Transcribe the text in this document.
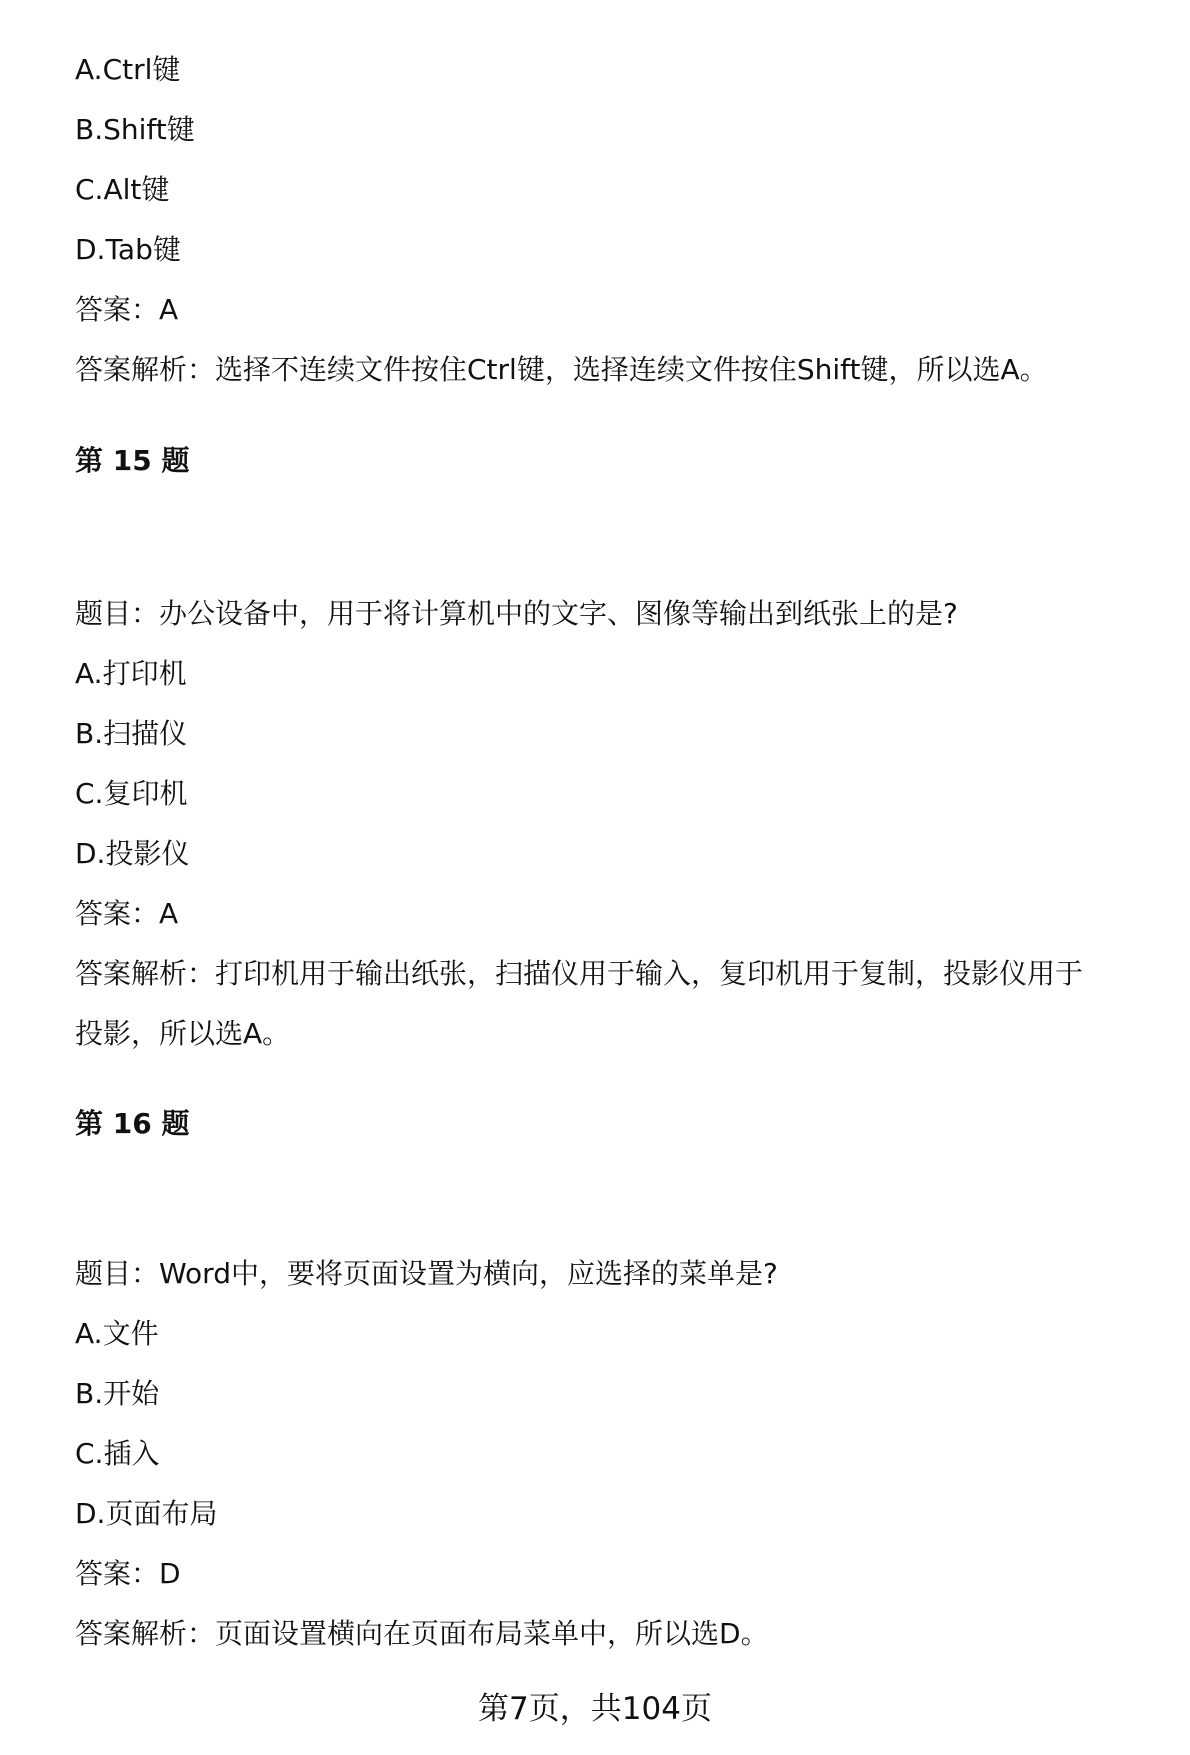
A.Ctrl键
B.Shift键
C.Alt键
D.Tab键
答案：A
答案解析：选择不连续文件按住Ctrl键，选择连续文件按住Shift键，所以选A。
第 15 题
题目：办公设备中，用于将计算机中的文字、图像等输出到纸张上的是?
A.打印机
B.扫描仪
C.复印机
D.投影仪
答案：A
答案解析：打印机用于输出纸张，扫描仪用于输入，复印机用于复制，投影仪用于
投影，所以选A。
第 16 题
题目：Word中，要将页面设置为横向，应选择的菜单是?
A.文件
B.开始
C.插入
D.页面布局
答案：D
答案解析：页面设置横向在页面布局菜单中，所以选D。
第7页，共104页
